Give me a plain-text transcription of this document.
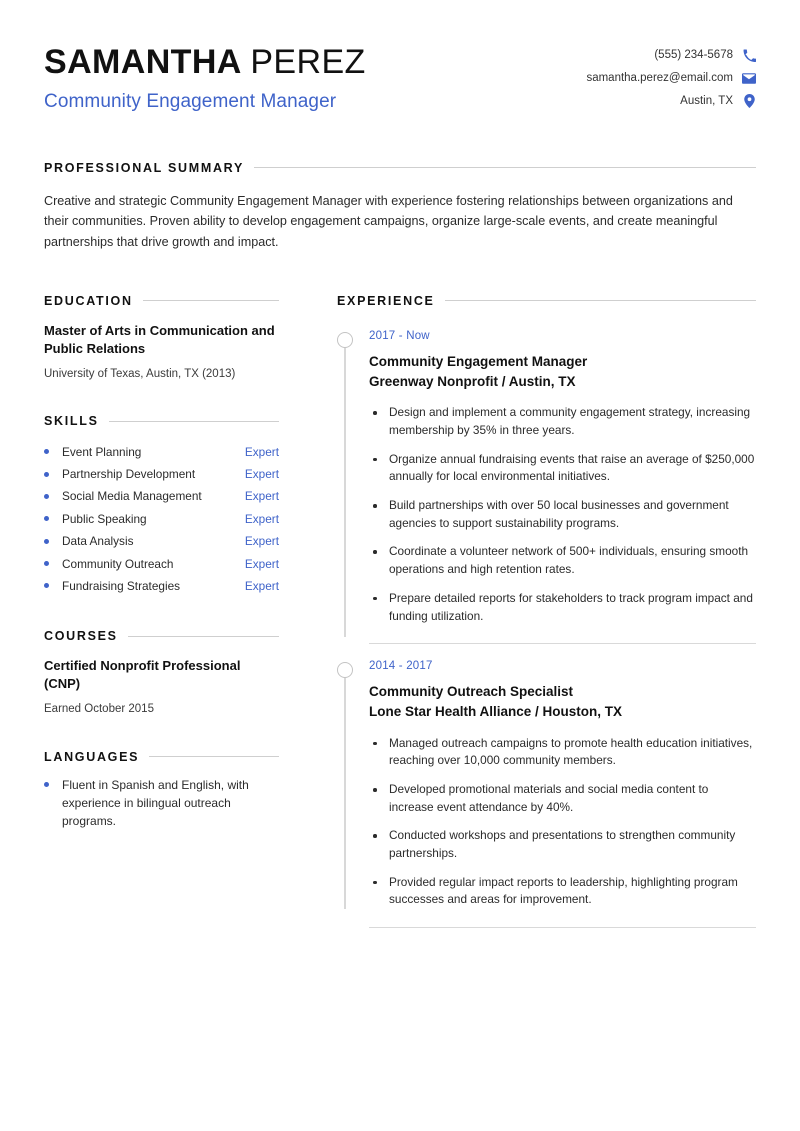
SAMANTHA PEREZ
Community Engagement Manager
(555) 234-5678
samantha.perez@email.com
Austin, TX
PROFESSIONAL SUMMARY

Creative and strategic Community Engagement Manager with experience fostering relationships between organizations and their communities. Proven ability to develop engagement campaigns, organize large-scale events, and create meaningful partnerships that drive growth and impact.

EDUCATION
Master of Arts in Communication and Public Relations
University of Texas, Austin, TX (2013)
SKILLS
Event Planning	Expert
Partnership Development	Expert
Social Media Management	Expert
Public Speaking	Expert
Data Analysis	Expert
Community Outreach	Expert
Fundraising Strategies	Expert
COURSES
Certified Nonprofit Professional (CNP)
Earned October 2015
LANGUAGES
Fluent in Spanish and English, with experience in bilingual outreach programs.
EXPERIENCE
2017 - Now
Community Engagement Manager
Greenway Nonprofit / Austin, TX
Design and implement a community engagement strategy, increasing membership by 35% in three years.
Organize annual fundraising events that raise an average of $250,000 annually for local environmental initiatives.
Build partnerships with over 50 local businesses and government agencies to support sustainability programs.
Coordinate a volunteer network of 500+ individuals, ensuring smooth operations and high retention rates.
Prepare detailed reports for stakeholders to track program impact and funding utilization.
2014 - 2017
Community Outreach Specialist
Lone Star Health Alliance / Houston, TX
Managed outreach campaigns to promote health education initiatives, reaching over 10,000 community members.
Developed promotional materials and social media content to increase event attendance by 40%.
Conducted workshops and presentations to strengthen community partnerships.
Provided regular impact reports to leadership, highlighting program successes and areas for improvement.
